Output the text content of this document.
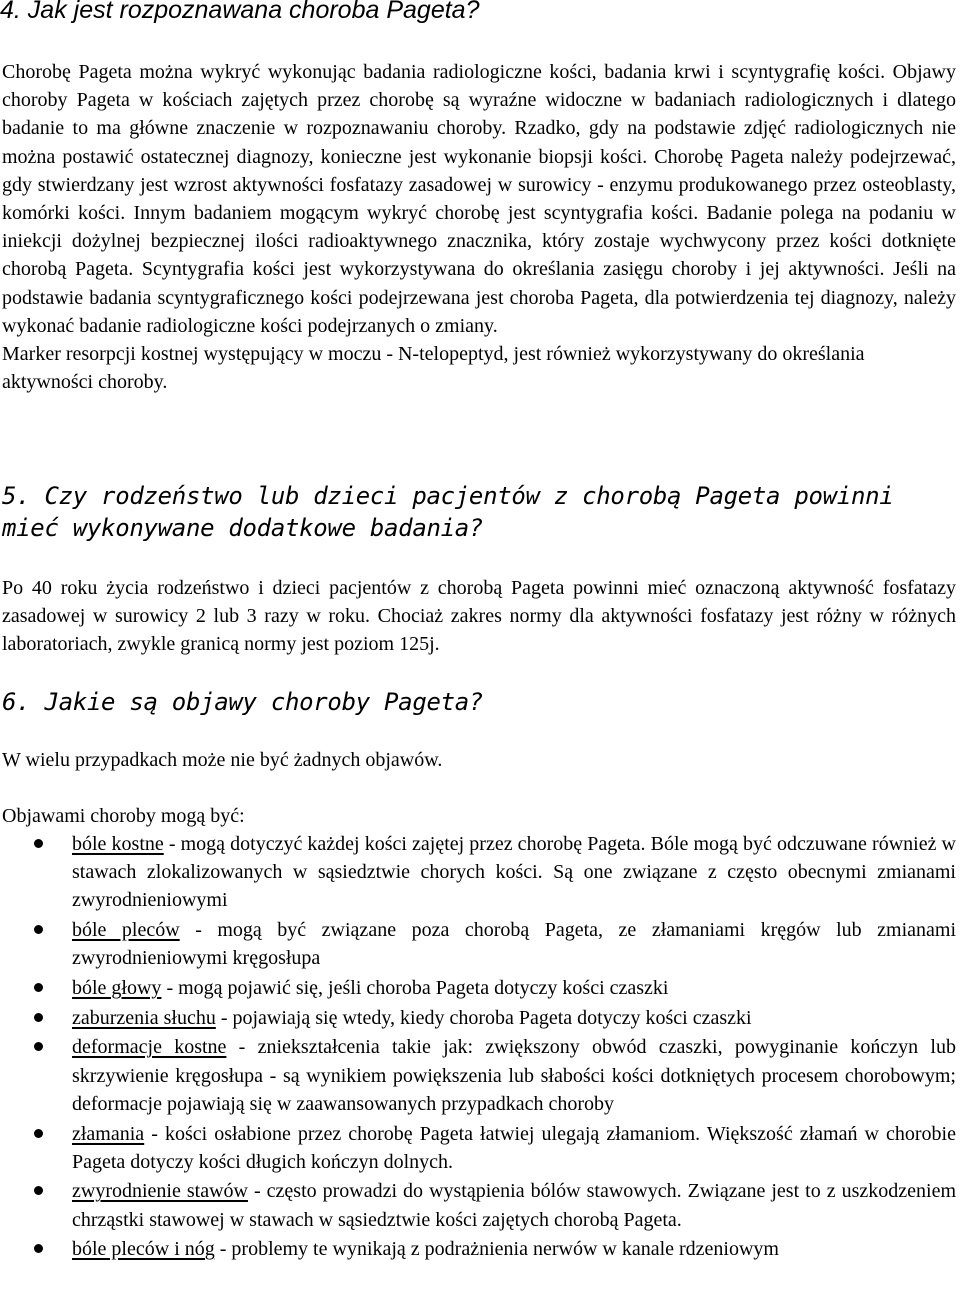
4. Jak jest rozpoznawana choroba Pageta?

Chorobę Pageta można wykryć wykonując badania radiologiczne kości, badania krwi i scyntygrafię kości. Objawy choroby Pageta w kościach zajętych przez chorobę są wyraźne widoczne w badaniach radiologicznych i dlatego badanie to ma główne znaczenie w rozpoznawaniu choroby. Rzadko, gdy na podstawie zdjęć radiologicznych nie można postawić ostatecznej diagnozy, konieczne jest wykonanie biopsji kości. Chorobę Pageta należy podejrzewać, gdy stwierdzany jest wzrost aktywności fosfatazy zasadowej w surowicy - enzymu produkowanego przez osteoblasty, komórki kości. Innym badaniem mogącym wykryć chorobę jest scyntygrafia kości. Badanie polega na podaniu w iniekcji dożylnej bezpiecznej ilości radioaktywnego znacznika, który zostaje wychwycony przez kości dotknięte chorobą Pageta. Scyntygrafia kości jest wykorzystywana do określania zasięgu choroby i jej aktywności. Jeśli na podstawie badania scyntygraficznego kości podejrzewana jest choroba Pageta, dla potwierdzenia tej diagnozy, należy wykonać badanie radiologiczne kości podejrzanych o zmiany.

Marker resorpcji kostnej występujący w moczu - N-telopeptyd, jest również wykorzystywany do określania aktywności choroby.

5. Czy rodzeństwo lub dzieci pacjentów z chorobą Pageta powinni mieć wykonywane dodatkowe badania?

Po 40 roku życia rodzeństwo i dzieci pacjentów z chorobą Pageta powinni mieć oznaczoną aktywność fosfatazy zasadowej w surowicy 2 lub 3 razy w roku. Chociaż zakres normy dla aktywności fosfatazy jest różny w różnych laboratoriach, zwykle granicą normy jest poziom 125j.

6. Jakie są objawy choroby Pageta?

W wielu przypadkach może nie być żadnych objawów.

Objawami choroby mogą być:

bóle kostne - mogą dotyczyć każdej kości zajętej przez chorobę Pageta. Bóle mogą być odczuwane również w stawach zlokalizowanych w sąsiedztwie chorych kości. Są one związane z często obecnymi zmianami zwyrodnieniowymi
bóle pleców - mogą być związane poza chorobą Pageta, ze złamaniami kręgów lub zmianami zwyrodnieniowymi kręgosłupa
bóle głowy - mogą pojawić się, jeśli choroba Pageta dotyczy kości czaszki
zaburzenia słuchu - pojawiają się wtedy, kiedy choroba Pageta dotyczy kości czaszki
deformacje kostne - zniekształcenia takie jak: zwiększony obwód czaszki, powyginanie kończyn lub skrzywienie kręgosłupa - są wynikiem powiększenia lub słabości kości dotkniętych procesem chorobowym; deformacje pojawiają się w zaawansowanych przypadkach choroby
złamania - kości osłabione przez chorobę Pageta łatwiej ulegają złamaniom. Większość złamań w chorobie Pageta dotyczy kości długich kończyn dolnych.
zwyrodnienie stawów - często prowadzi do wystąpienia bólów stawowych. Związane jest to z uszkodzeniem chrząstki stawowej w stawach w sąsiedztwie kości zajętych chorobą Pageta.
bóle pleców i nóg - problemy te wynikają z podrażnienia nerwów w kanale rdzeniowym
